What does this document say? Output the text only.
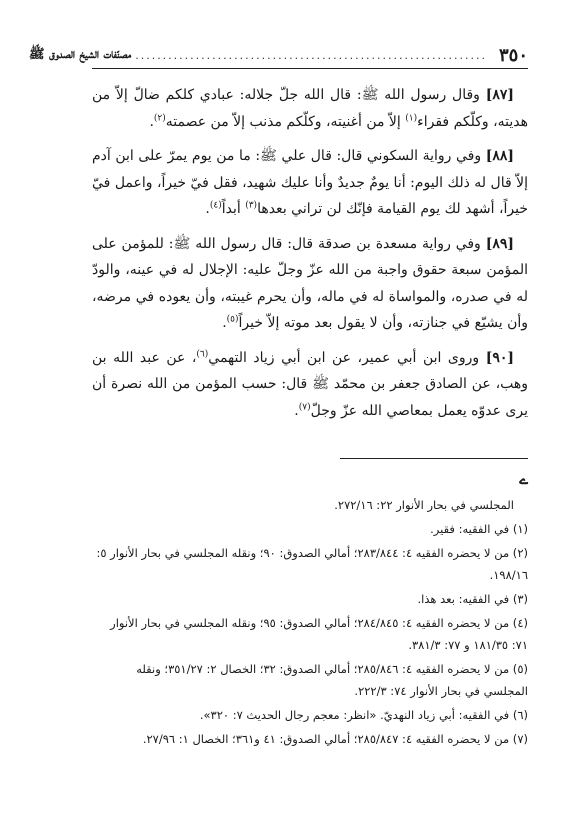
٣٥٠
................................................................
مصنّفات الشيخ الصدوق ﷺ

[٨٧] وقال رسول الله ﷺ: قال الله جلّ جلاله: عبادي كلكم ضالّ إلاّ من هديته، وكلّكم فقراء$^{(١)}$ إلاّ من أغنيته، وكلّكم مذنب إلاّ من عصمته$^{(٢)}$.

[٨٨] وفي رواية السكوني قال: قال علي ﷺ: ما من يوم يمرّ على ابن آدم إلاّ قال له ذلك اليوم: أنا يومٌ جديدٌ وأنا عليك شهيد، فقل فيّ خيراً، واعمل فيّ خيراً، أشهد لك يوم القيامة فإنّك لن تراني بعدها$^{(٣)}$ أبداً$^{(٤)}$.

[٨٩] وفي رواية مسعدة بن صدقة قال: قال رسول الله ﷺ: للمؤمن على المؤمن سبعة حقوق واجبة من الله عزّ وجلّ عليه: الإجلال له في عينه، والودّ له في صدره، والمواساة له في ماله، وأن يحرم غيبته، وأن يعوده في مرضه، وأن يشيّع في جنازته، وأن لا يقول بعد موته إلاّ خيراً$^{(٥)}$.

[٩٠] وروى ابن أبي عمير، عن ابن أبي زياد التهمي$^{(٦)}$، عن عبد الله بن وهب، عن الصادق جعفر بن محمّد ﷺ قال: حسب المؤمن من الله نصرة أن يرى عدوّه يعمل بمعاصي الله عزّ وجلّ$^{(٧)}$.

ے
المجلسي في بحار الأنوار ٢٢: ٢٧٢/١٦.
(١) في الفقيه: فقير.
(٢) من لا يحضره الفقيه ٤: ٢٨٣/٨٤٤؛ أمالي الصدوق: ٩٠؛ ونقله المجلسي في بحار الأنوار ٥: ١٩٨/١٦.
(٣) في الفقيه: بعد هذا.
(٤) من لا يحضره الفقيه ٤: ٢٨٤/٨٤٥؛ أمالي الصدوق: ٩٥؛ ونقله المجلسي في بحار الأنوار ٧١: ١٨١/٣٥ و ٧٧: ٣٨١/٣.
(٥) من لا يحضره الفقيه ٤: ٢٨٥/٨٤٦؛ أمالي الصدوق: ٣٢؛ الخصال ٢: ٣٥١/٢٧؛ ونقله المجلسي في بحار الأنوار ٧٤: ٢٢٢/٣.
(٦) في الفقيه: أبي زياد النهديّ. «انظر: معجم رجال الحديث ٧: ٣٢٠».
(٧) من لا يحضره الفقيه ٤: ٢٨٥/٨٤٧؛ أمالي الصدوق: ٤١ و٣٦١؛ الخصال ١: ٢٧/٩٦.
